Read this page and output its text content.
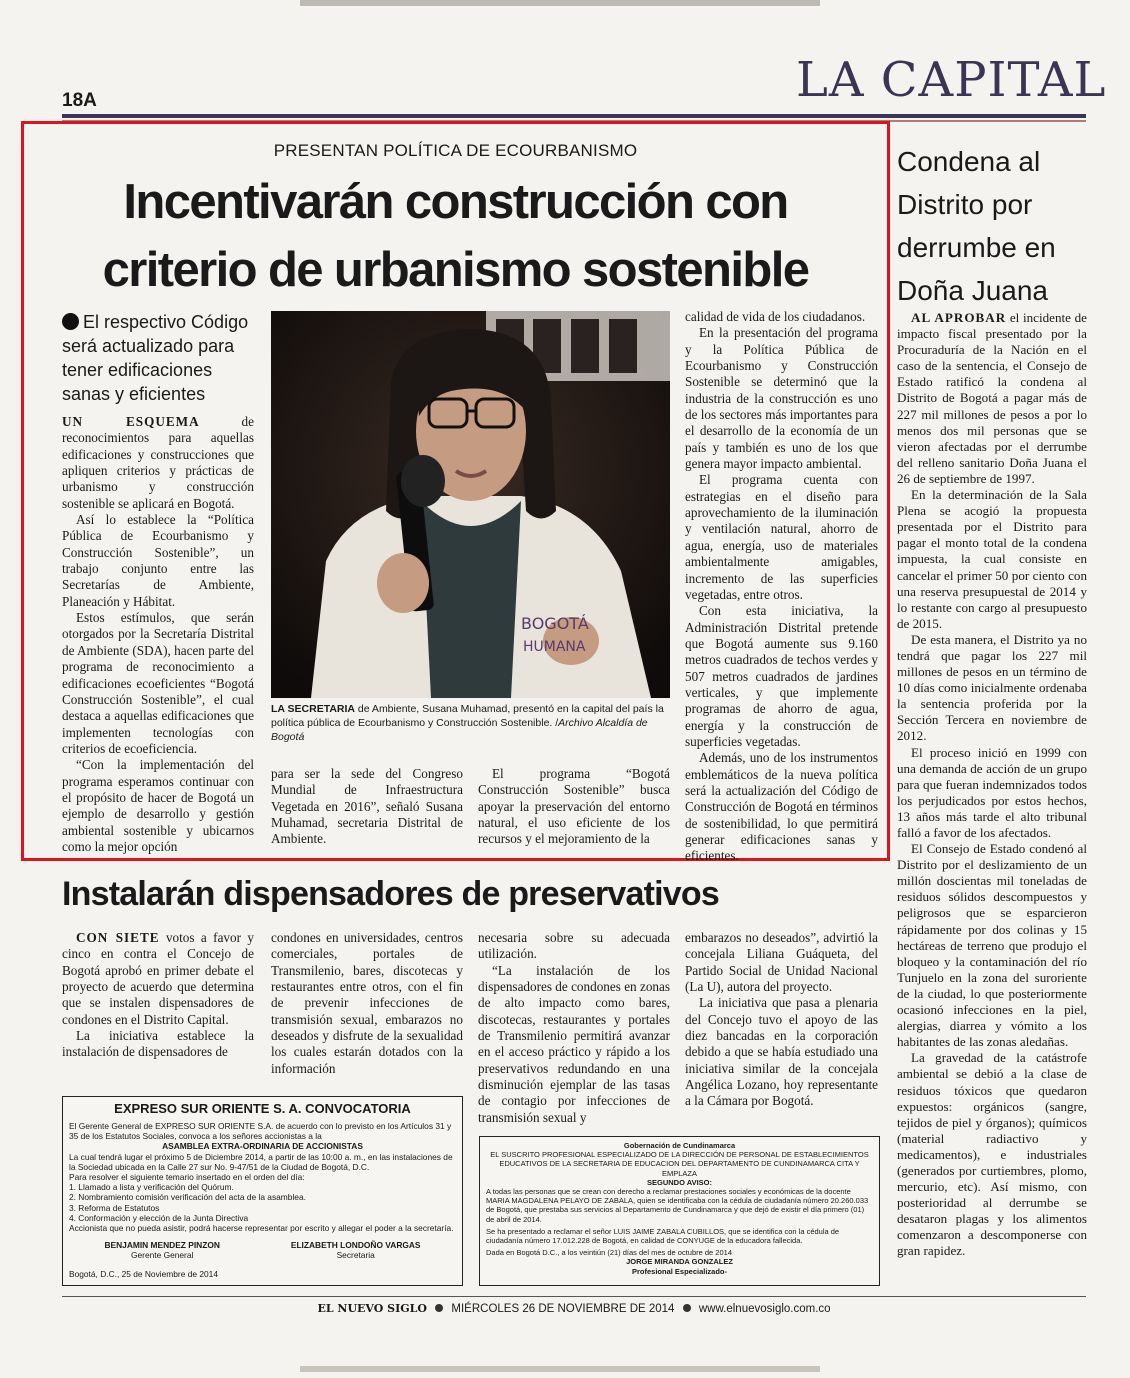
18A	LA CAPITAL
PRESENTAN POLÍTICA DE ECOURBANISMO
Incentivarán construcción con
criterio de urbanismo sostenible
El respectivo Código será actualizado para tener edificaciones sanas y eficientes

UN ESQUEMA de reconocimientos para aquellas edificaciones y construcciones que apliquen criterios y prácticas de urbanismo y construcción sostenible se aplicará en Bogotá.

Así lo establece la “Política Pública de Ecourbanismo y Construcción Sostenible”, un trabajo conjunto entre las Secretarías de Ambiente, Planeación y Hábitat.

Estos estímulos, que serán otorgados por la Secretaría Distrital de Ambiente (SDA), hacen parte del programa de reconocimiento a edificaciones ecoeficientes “Bogotá Construcción Sostenible”, el cual destaca a aquellas edificaciones que implementen tecnologías con criterios de ecoeficiencia.

“Con la implementación del programa esperamos continuar con el propósito de hacer de Bogotá un ejemplo de desarrollo y gestión ambiental sostenible y ubicarnos como la mejor opción

BOGOTÁ
HUMANA
LA SECRETARIA de Ambiente, Susana Muhamad, presentó en la capital del país la política pública de Ecourbanismo y Construcción Sostenible. /Archivo Alcaldía de Bogotá

para ser la sede del Congreso Mundial de Infraestructura Vegetada en 2016”, señaló Susana Muhamad, secretaria Distrital de Ambiente.

El programa “Bogotá Construcción Sostenible” busca apoyar la preservación del entorno natural, el uso eficiente de los recursos y el mejoramiento de la

calidad de vida de los ciudadanos.

En la presentación del programa y la Política Pública de Ecourbanismo y Construcción Sostenible se determinó que la industria de la construcción es uno de los sectores más importantes para el desarrollo de la economía de un país y también es uno de los que genera mayor impacto ambiental.

El programa cuenta con estrategias en el diseño para aprovechamiento de la iluminación y ventilación natural, ahorro de agua, energía, uso de materiales ambientalmente amigables, incremento de las superficies vegetadas, entre otros.

Con esta iniciativa, la Administración Distrital pretende que Bogotá aumente sus 9.160 metros cuadrados de techos verdes y 507 metros cuadrados de jardines verticales, y que implemente programas de ahorro de agua, energía y la construcción de superficies vegetadas.

Además, uno de los instrumentos emblemáticos de la nueva política será la actualización del Código de Construcción de Bogotá en términos de sostenibilidad, lo que permitirá generar edificaciones sanas y eficientes.

Condena al Distrito por derrumbe en Doña Juana

AL APROBAR el incidente de impacto fiscal presentado por la Procuraduría de la Nación en el caso de la sentencia, el Consejo de Estado ratificó la condena al Distrito de Bogotá a pagar más de 227 mil millones de pesos a por lo menos dos mil personas que se vieron afectadas por el derrumbe del relleno sanitario Doña Juana el 26 de septiembre de 1997.

En la determinación de la Sala Plena se acogió la propuesta presentada por el Distrito para pagar el monto total de la condena impuesta, la cual consiste en cancelar el primer 50 por ciento con una reserva presupuestal de 2014 y lo restante con cargo al presupuesto de 2015.

De esta manera, el Distrito ya no tendrá que pagar los 227 mil millones de pesos en un término de 10 días como inicialmente ordenaba la sentencia proferida por la Sección Tercera en noviembre de 2012.

El proceso inició en 1999 con una demanda de acción de un grupo para que fueran indemnizados todos los perjudicados por estos hechos, 13 años más tarde el alto tribunal falló a favor de los afectados.

El Consejo de Estado condenó al Distrito por el deslizamiento de un millón doscientas mil toneladas de residuos sólidos descompuestos y peligrosos que se esparcieron rápidamente por dos colinas y 15 hectáreas de terreno que produjo el bloqueo y la contaminación del río Tunjuelo en la zona del suroriente de la ciudad, lo que posteriormente ocasionó infecciones en la piel, alergias, diarrea y vómito a los habitantes de las zonas aledañas.

La gravedad de la catástrofe ambiental se debió a la clase de residuos tóxicos que quedaron expuestos: orgánicos (sangre, tejidos de piel y órganos); químicos (material radiactivo y medicamentos), e industriales (generados por curtiembres, plomo, mercurio, etc). Así mismo, con posterioridad al derrumbe se desataron plagas y los alimentos comenzaron a descomponerse con gran rapidez.

Instalarán dispensadores de preservativos

CON SIETE votos a favor y cinco en contra el Concejo de Bogotá aprobó en primer debate el proyecto de acuerdo que determina que se instalen dispensadores de condones en el Distrito Capital.

La iniciativa establece la instalación de dispensadores de

condones en universidades, centros comerciales, portales de Transmilenio, bares, discotecas y restaurantes entre otros, con el fin de prevenir infecciones de transmisión sexual, embarazos no deseados y disfrute de la sexualidad los cuales estarán dotados con la información

necesaria sobre su adecuada utilización.

“La instalación de los dispensadores de condones en zonas de alto impacto como bares, discotecas, restaurantes y portales de Transmilenio permitirá avanzar en el acceso práctico y rápido a los preservativos redundando en una disminución ejemplar de las tasas de contagio por infecciones de transmisión sexual y

embarazos no deseados”, advirtió la concejala Liliana Guáqueta, del Partido Social de Unidad Nacional (La U), autora del proyecto.

La iniciativa que pasa a plenaria del Concejo tuvo el apoyo de las diez bancadas en la corporación debido a que se había estudiado una iniciativa similar de la concejala Angélica Lozano, hoy representante a la Cámara por Bogotá.

EXPRESO SUR ORIENTE S. A. CONVOCATORIA
El Gerente General de EXPRESO SUR ORIENTE S.A. de acuerdo con lo previsto en los Artículos 31 y 35 de los Estatutos Sociales, convoca a los señores accionistas a la
ASAMBLEA EXTRA-ORDINARIA DE ACCIONISTAS
La cual tendrá lugar el próximo 5 de Diciembre 2014, a partir de las 10:00 a. m., en las instalaciones de la Sociedad ubicada en la Calle 27 sur No. 9-47/51 de la Ciudad de Bogotá, D.C.
Para resolver el siguiente temario insertado en el orden del día:
1. Llamado a lista y verificación del Quórum.
2. Nombramiento comisión verificación del acta de la asamblea.
3. Reforma de Estatutos
4. Conformación y elección de la Junta Directiva
Accionista que no pueda asistir, podrá hacerse representar por escrito y allegar el poder a la secretaría.
BENJAMIN MENDEZ PINZON
Gerente General
ELIZABETH LONDOÑO VARGAS
Secretaria
Bogotá, D.C., 25 de Noviembre de 2014
Gobernación de Cundinamarca
EL SUSCRITO PROFESIONAL ESPECIALIZADO DE LA DIRECCIÓN DE PERSONAL DE ESTABLECIMIENTOS EDUCATIVOS DE LA SECRETARIA DE EDUCACION DEL DEPARTAMENTO DE CUNDINAMARCA CITA Y EMPLAZA
SEGUNDO AVISO:
A todas las personas que se crean con derecho a reclamar prestaciones sociales y económicas de la docente MARIA MAGDALENA PELAYO DE ZABALA, quien se identificaba con la cédula de ciudadanía número 20.260.033 de Bogotá, que prestaba sus servicios al Departamento de Cundinamarca y que dejó de existir el día primero (01) de abril de 2014.
Se ha presentado a reclamar el señor LUIS JAIME ZABALA CUBILLOS, que se identifica con la cédula de ciudadanía número 17.012.228 de Bogotá, en calidad de CONYUGE de la educadora fallecida.
Dada en Bogotá D.C., a los veintiún (21) días del mes de octubre de 2014
JORGE MIRANDA GONZALEZ
Profesional Especializado-
EL NUEVO SIGLO MIÉRCOLES 26 DE NOVIEMBRE DE 2014 www.elnuevosiglo.com.co
